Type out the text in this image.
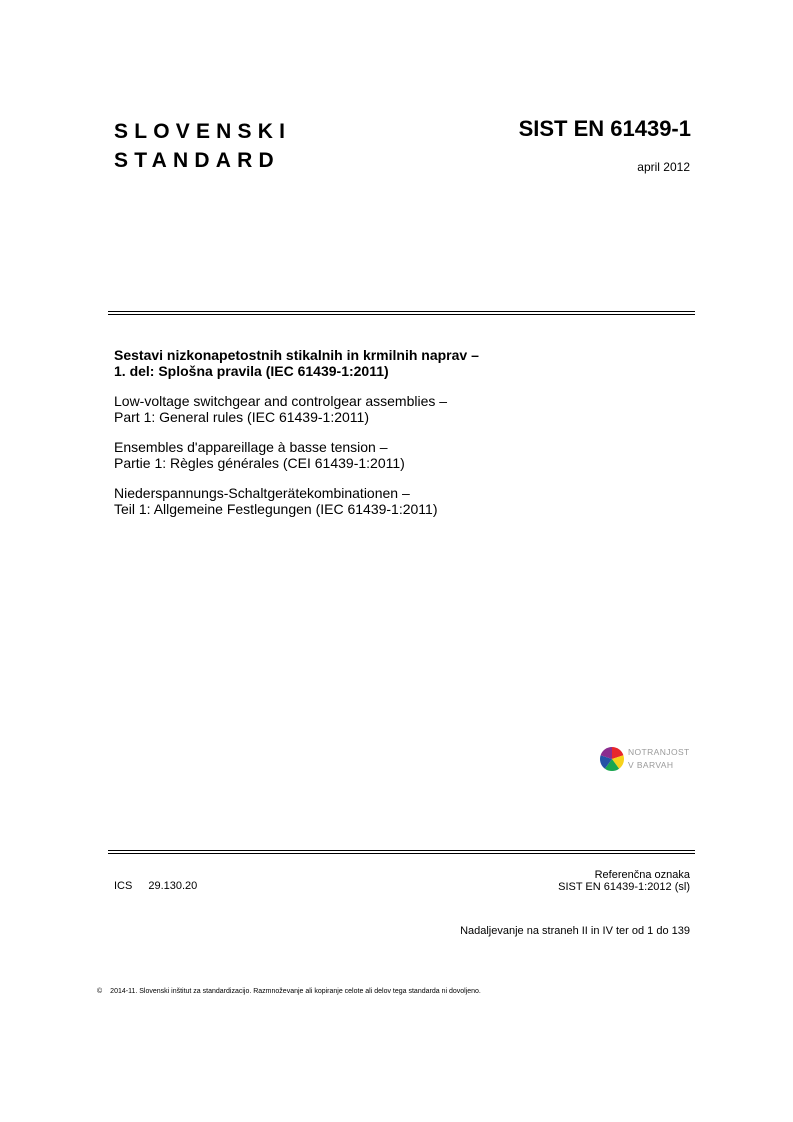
SLOVENSKI
STANDARD
SIST EN 61439-1
april 2012
Sestavi nizkonapetostnih stikalnih in krmilnih naprav –
1. del: Splošna pravila (IEC 61439-1:2011)
Low-voltage switchgear and controlgear assemblies –
Part 1: General rules (IEC 61439-1:2011)
Ensembles d'appareillage à basse tension –
Partie 1: Règles générales (CEI 61439-1:2011)
Niederspannungs-Schaltgerätekombinationen –
Teil 1: Allgemeine Festlegungen (IEC 61439-1:2011)
NOTRANJOST
V BARVAH
ICS 29.130.20
Referenčna oznaka
SIST EN 61439-1:2012 (sl)
Nadaljevanje na straneh II in IV ter od 1 do 139
© 2014-11. Slovenski inštitut za standardizacijo. Razmnoževanje ali kopiranje celote ali delov tega standarda ni dovoljeno.
